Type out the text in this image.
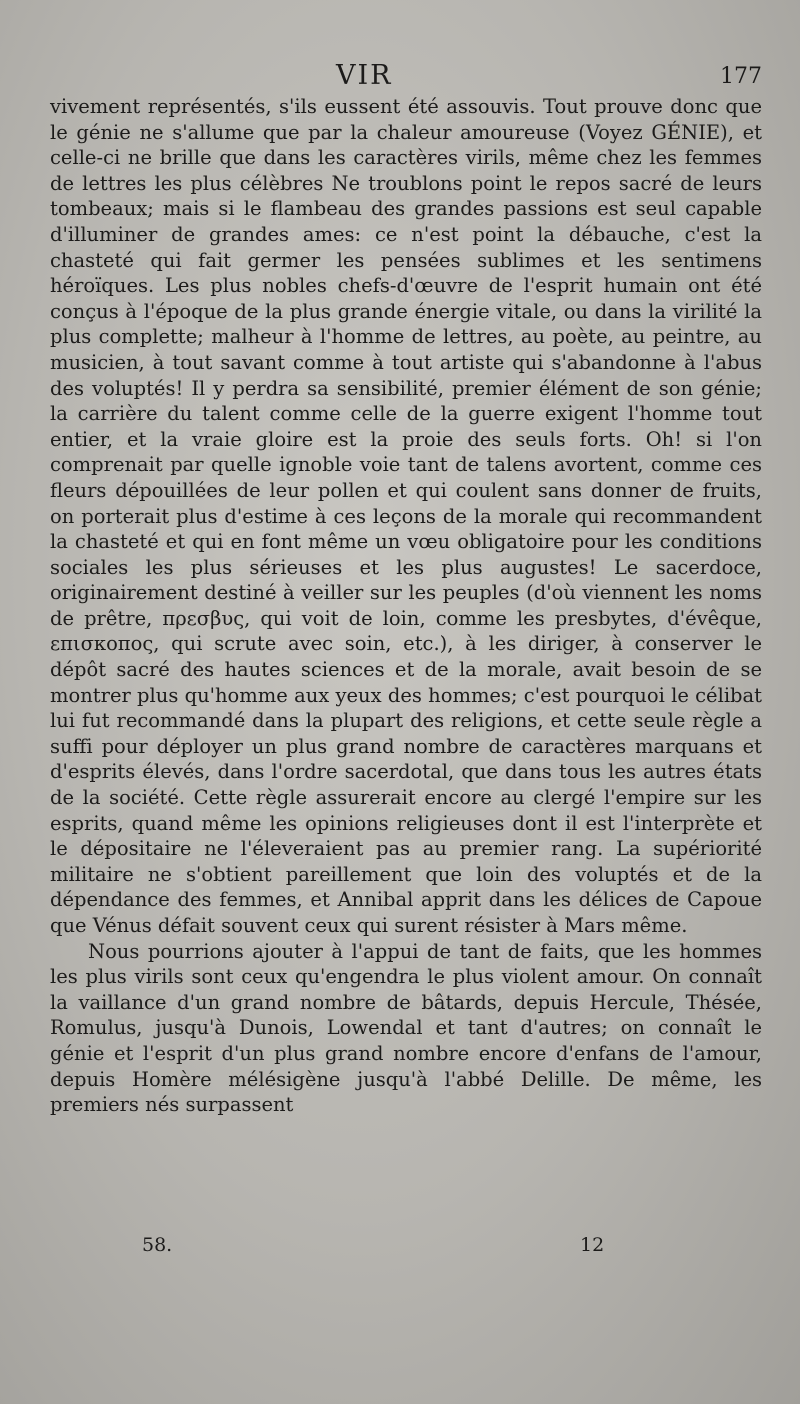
VIR	177

vivement représentés, s'ils eussent été assouvis. Tout prouve donc que le génie ne s'allume que par la chaleur amoureuse (Voyez GÉNIE), et celle-ci ne brille que dans les caractères virils, même chez les femmes de lettres les plus célèbres Ne troublons point le repos sacré de leurs tombeaux; mais si le flambeau des grandes passions est seul capable d'illuminer de grandes ames: ce n'est point la débauche, c'est la chasteté qui fait germer les pensées sublimes et les sentimens héroïques. Les plus nobles chefs-d'œuvre de l'esprit humain ont été conçus à l'époque de la plus grande énergie vitale, ou dans la virilité la plus complette; malheur à l'homme de lettres, au poète, au peintre, au musicien, à tout savant comme à tout artiste qui s'abandonne à l'abus des voluptés! Il y perdra sa sensibilité, premier élément de son génie; la carrière du talent comme celle de la guerre exigent l'homme tout entier, et la vraie gloire est la proie des seuls forts. Oh! si l'on comprenait par quelle ignoble voie tant de talens avortent, comme ces fleurs dépouillées de leur pollen et qui coulent sans donner de fruits, on porterait plus d'estime à ces leçons de la morale qui recommandent la chasteté et qui en font même un vœu obligatoire pour les conditions sociales les plus sérieuses et les plus augustes! Le sacerdoce, originairement destiné à veiller sur les peuples (d'où viennent les noms de prêtre, πρεσβυς, qui voit de loin, comme les presbytes, d'évêque, επισκοπος, qui scrute avec soin, etc.), à les diriger, à conserver le dépôt sacré des hautes sciences et de la morale, avait besoin de se montrer plus qu'homme aux yeux des hommes; c'est pourquoi le célibat lui fut recommandé dans la plupart des religions, et cette seule règle a suffi pour déployer un plus grand nombre de caractères marquans et d'esprits élevés, dans l'ordre sacerdotal, que dans tous les autres états de la société. Cette règle assurerait encore au clergé l'empire sur les esprits, quand même les opinions religieuses dont il est l'interprète et le dépositaire ne l'éleveraient pas au premier rang. La supériorité militaire ne s'obtient pareillement que loin des voluptés et de la dépendance des femmes, et Annibal apprit dans les délices de Capoue que Vénus défait souvent ceux qui surent résister à Mars même.

Nous pourrions ajouter à l'appui de tant de faits, que les hommes les plus virils sont ceux qu'engendra le plus violent amour. On connaît la vaillance d'un grand nombre de bâtards, depuis Hercule, Thésée, Romulus, jusqu'à Dunois, Lowendal et tant d'autres; on connaît le génie et l'esprit d'un plus grand nombre encore d'enfans de l'amour, depuis Homère mélésigène jusqu'à l'abbé Delille. De même, les premiers nés surpassent

58.	12
